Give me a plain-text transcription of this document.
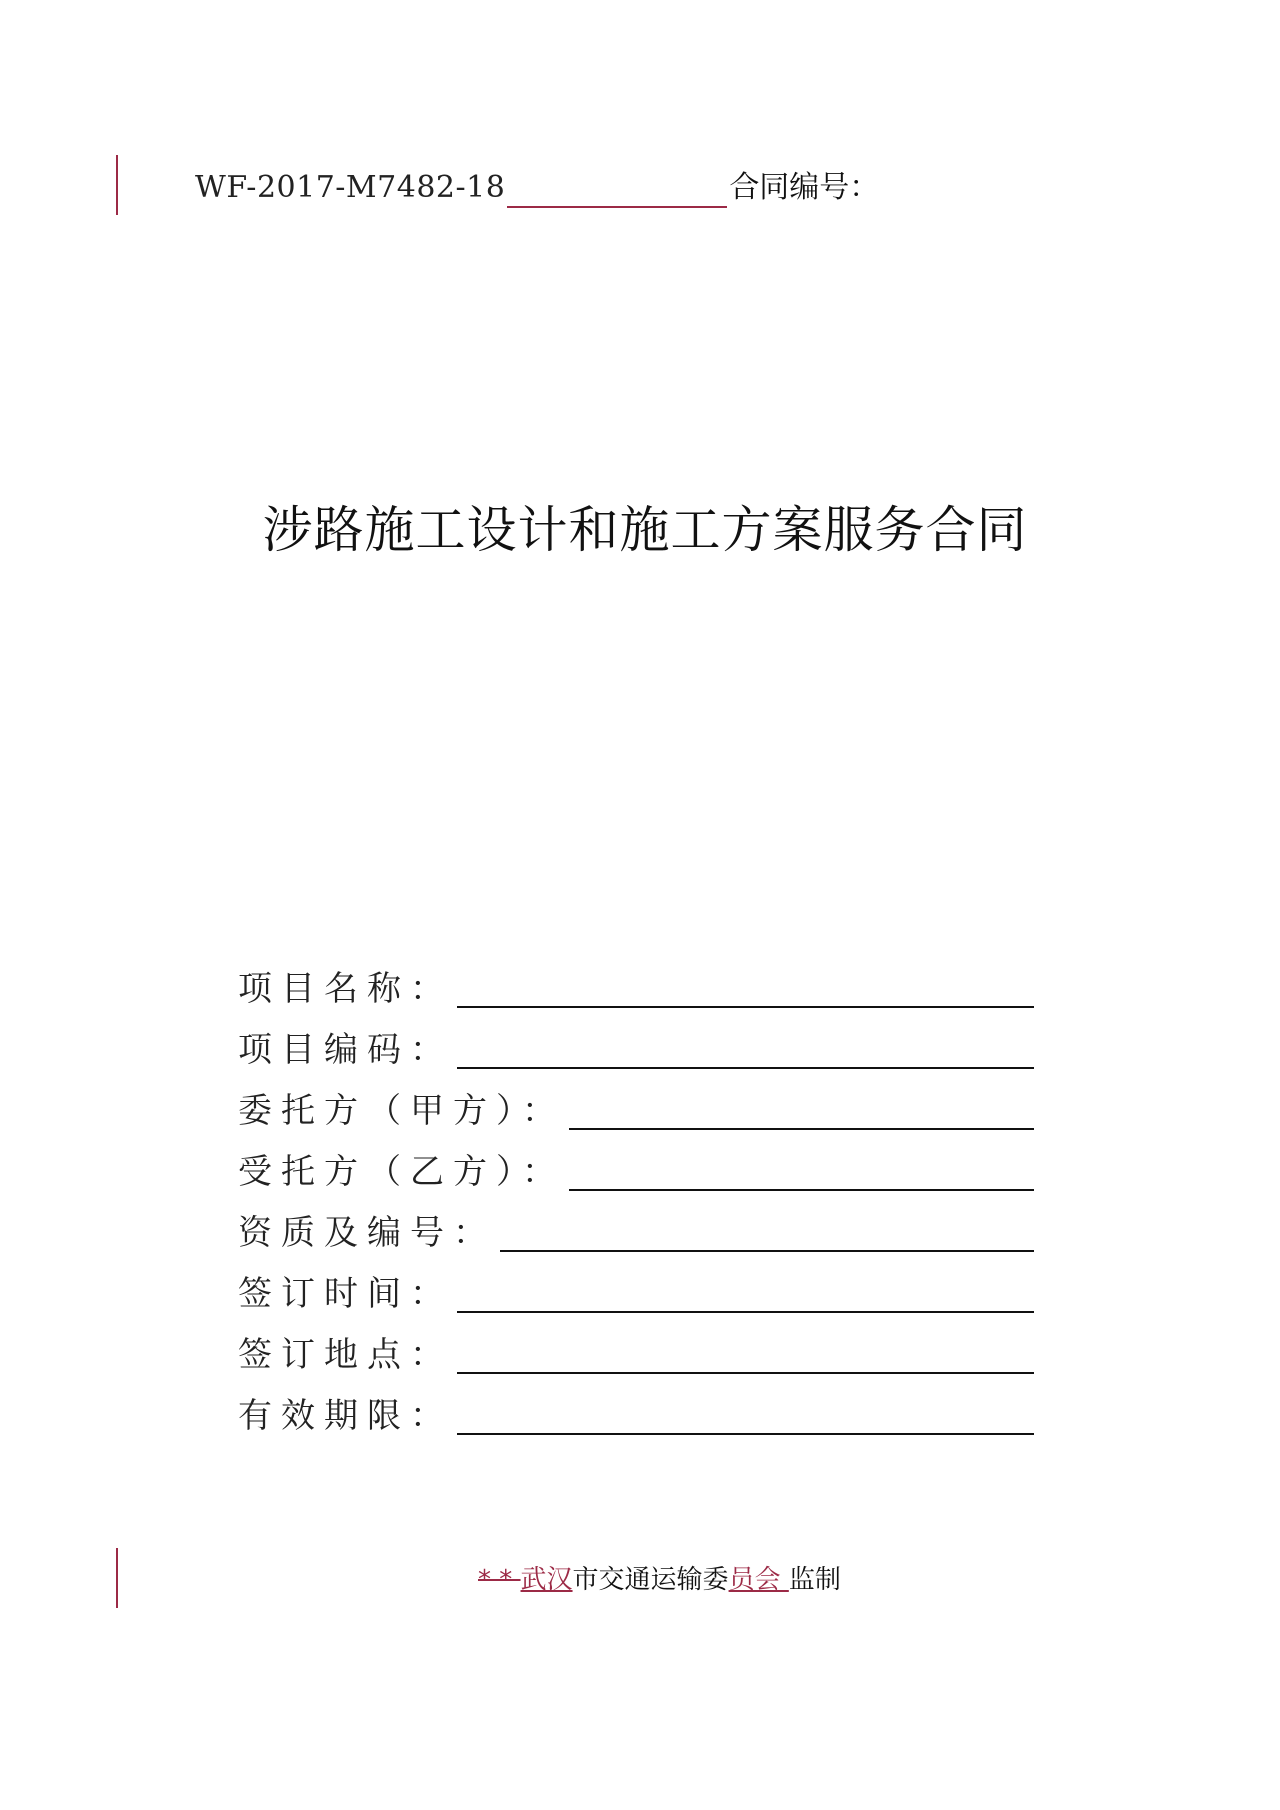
WF-2017-M7482-18	合同编号：
涉路施工设计和施工方案服务合同
项目名称：
项目编码：
委托方（甲方）：
受托方（乙方）：
资质及编号：
签订时间：
签订地点：
有效期限：
* * 武汉市交通运输委员会 监制
